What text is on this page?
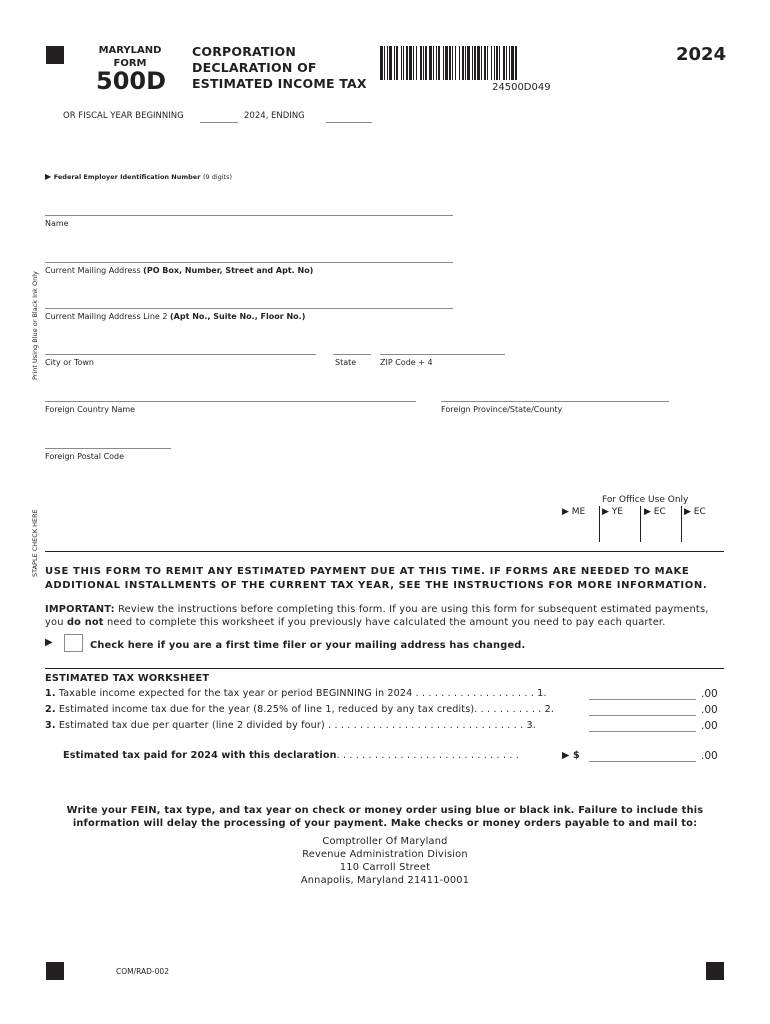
MARYLAND
FORM
500D
CORPORATION
DECLARATION OF
ESTIMATED INCOME TAX	24500D049
2024
OR FISCAL YEAR BEGINNING	2024, ENDING
Print Using Blue or Black Ink Only
STAPLE CHECK HERE
▶ Federal Employer Identification Number (9 digits)
Name
Current Mailing Address (PO Box, Number, Street and Apt. No)
Current Mailing Address Line 2 (Apt No., Suite No., Floor No.)
City or Town	State	ZIP Code + 4
Foreign Country Name	Foreign Province/State/County
Foreign Postal Code
For Office Use Only
▶ ME ▶ YE ▶ EC ▶ EC
USE THIS FORM TO REMIT ANY ESTIMATED PAYMENT DUE AT THIS TIME. IF FORMS ARE NEEDED TO MAKE
ADDITIONAL INSTALLMENTS OF THE CURRENT TAX YEAR, SEE THE INSTRUCTIONS FOR MORE INFORMATION.
IMPORTANT: Review the instructions before completing this form. If you are using this form for subsequent estimated payments,
you do not need to complete this worksheet if you previously have calculated the amount you need to pay each quarter.
▶	Check here if you are a first time filer or your mailing address has changed.
ESTIMATED TAX WORKSHEET
1. Taxable income expected for the tax year or period BEGINNING in 2024 . . . . . . . . . . . . . . . . . . . 1.	.00
2. Estimated income tax due for the year (8.25% of line 1, reduced by any tax credits). . . . . . . . . . . 2.	.00
3. Estimated tax due per quarter (line 2 divided by four) . . . . . . . . . . . . . . . . . . . . . . . . . . . . . . . 3.	.00
Estimated tax paid for 2024 with this declaration. . . . . . . . . . . . . . . . . . . . . . . . . . . . .	▶ $	.00
Write your FEIN, tax type, and tax year on check or money order using blue or black ink. Failure to include this
information will delay the processing of your payment. Make checks or money orders payable to and mail to:
Comptroller Of Maryland
Revenue Administration Division
110 Carroll Street
Annapolis, Maryland 21411-0001
COM/RAD-002
